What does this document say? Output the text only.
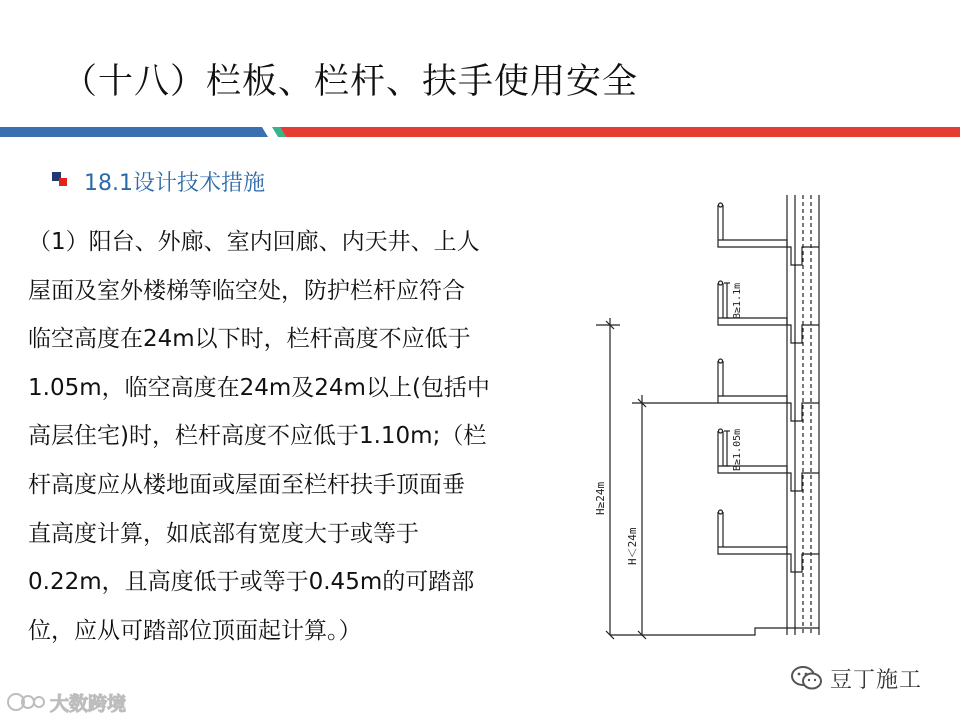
（十八）栏板、栏杆、扶手使用安全
18.1设计技术措施
（1）阳台、外廊、室内回廊、内天井、上人
屋面及室外楼梯等临空处，防护栏杆应符合
临空高度在24m以下时，栏杆高度不应低于
1.05m，临空高度在24m及24m以上(包括中
高层住宅)时，栏杆高度不应低于1.10m;（栏
杆高度应从楼地面或屋面至栏杆扶手顶面垂
直高度计算，如底部有宽度大于或等于
0.22m，且高度低于或等于0.45m的可踏部
位，应从可踏部位顶面起计算。）
B≥1.1m
B≥1.05m
H≥24m
H＜24m
豆丁施工
大数跨境
